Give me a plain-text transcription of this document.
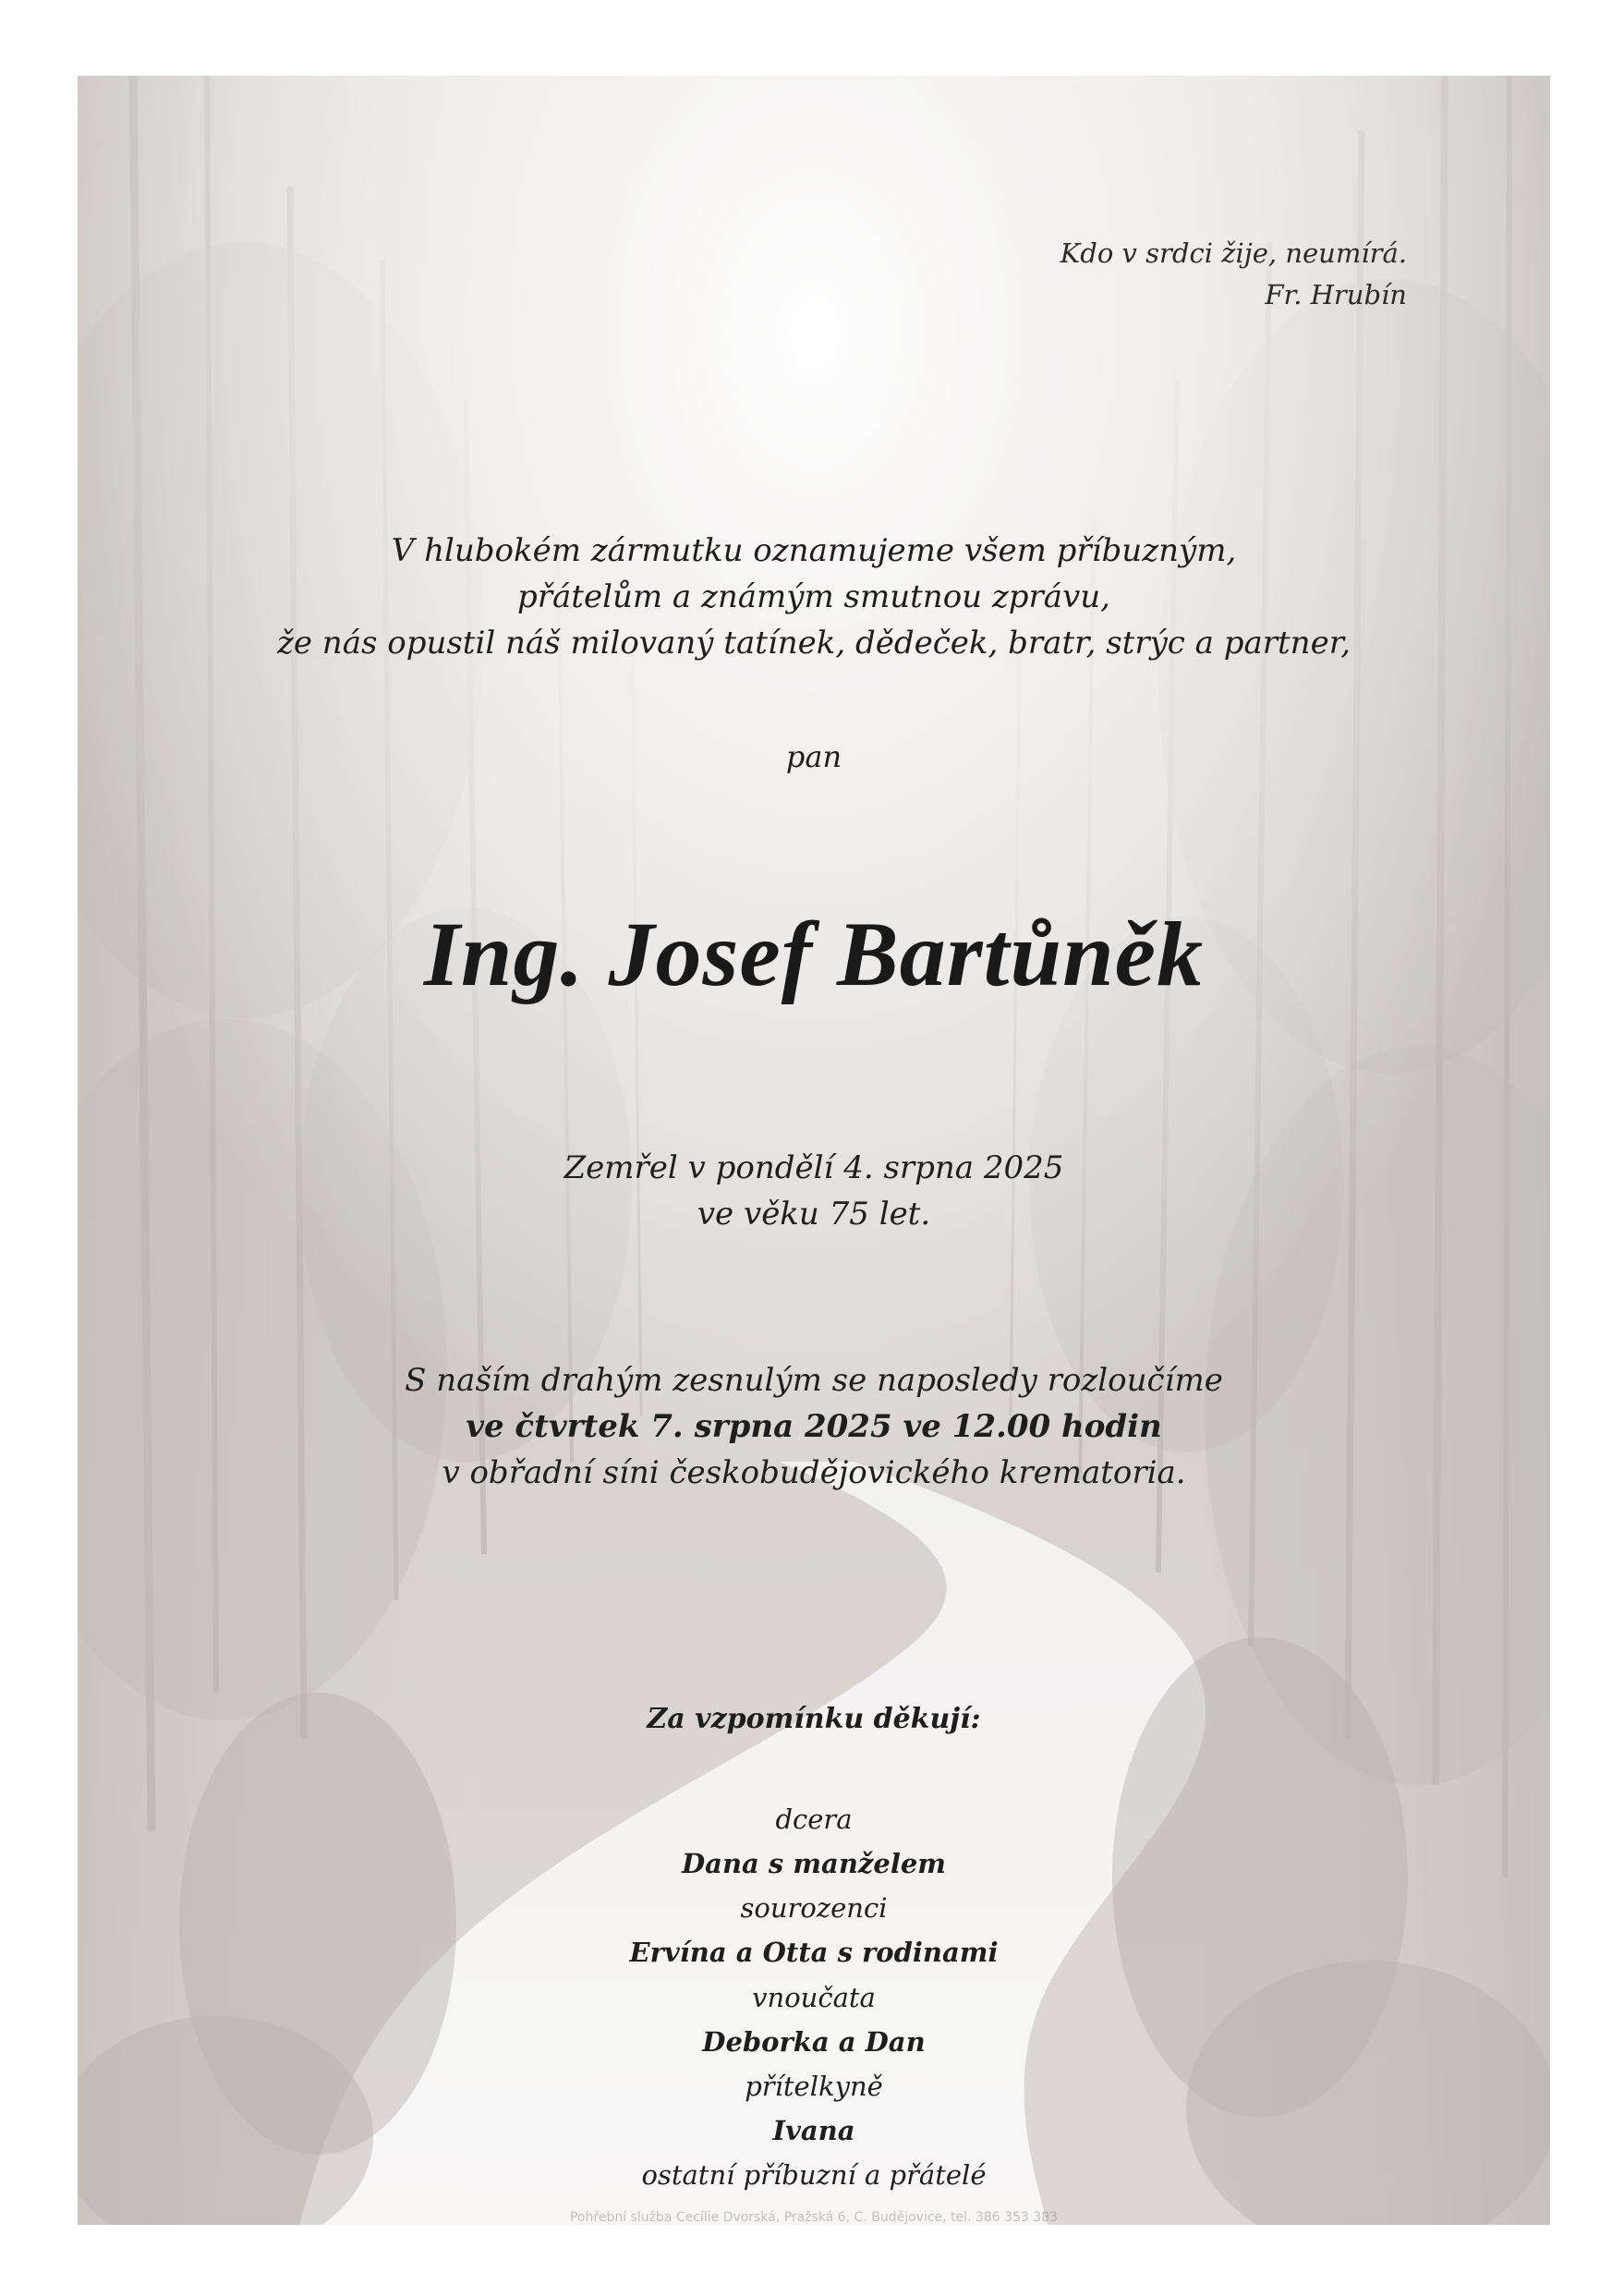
Kdo v srdci žije, neumírá.
Fr. Hrubín

V hlubokém zármutku oznamujeme všem příbuzným,
přátelům a známým smutnou zprávu,
že nás opustil náš milovaný tatínek, dědeček, bratr, strýc a partner,

pan

Ing. Josef Bartůněk

Zemřel v pondělí 4. srpna 2025
ve věku 75 let.

S naším drahým zesnulým se naposledy rozloučíme
ve čtvrtek 7. srpna 2025 ve 12.00 hodin
v obřadní síni českobudějovického krematoria.

Za vzpomínku děkují:

dcera
Dana s manželem
sourozenci
Ervína a Otta s rodinami
vnoučata
Deborka a Dan
přítelkyně
Ivana
ostatní příbuzní a přátelé

Pohřební služba Cecílie Dvorská, Pražská 6, Č. Budějovice, tel. 386 353 383
